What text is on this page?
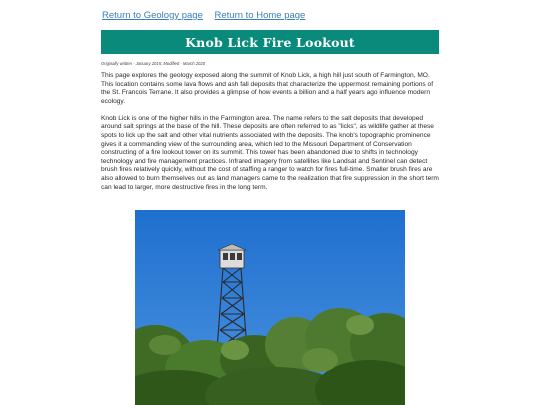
Return to Geology page Return to Home page
Knob Lick Fire Lookout
Originally written - January 2015; Modified - March 2020

This page explores the geology exposed along the summit of Knob Lick, a high hill just south of Farmington, MO. This location contains some lava flows and ash fall deposits that characterize the uppermost remaining portions of the St. Francois Terrane. It also provides a glimpse of how events a billion and a half years ago influence modern ecology.

Knob Lick is one of the higher hills in the Farmington area. The name refers to the salt deposits that developed around salt springs at the base of the hill. These deposits are often referred to as "licks", as wildlife gather at these spots to lick up the salt and other vital nutrients associated with the deposits. The knob's topographic prominence gives it a commanding view of the surrounding area, which led to the Missouri Department of Conservation constructing of a fire lookout tower on its summit. This tower has been abandoned due to shifts in technology technology and fire management practices. Infrared imagery from satellites like Landsat and Sentinel can detect brush fires relatively quickly, without the cost of staffing a ranger to watch for fires full-time. Smaller brush fires are also allowed to burn themselves out as land managers came to the realization that fire suppression in the short term can lead to larger, more destructive fires in the long term.
